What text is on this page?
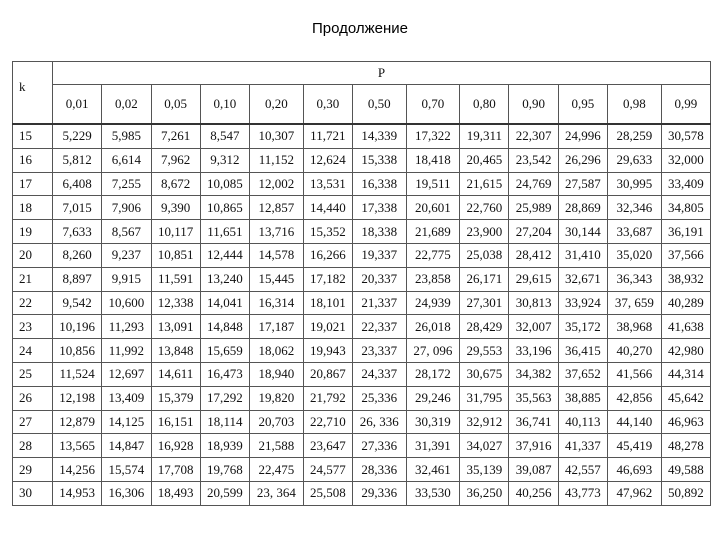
Продолжение
k	P												
	0,01	0,02	0,05	0,10	0,20	0,30	0,50	0,70	0,80	0,90	0,95	0,98	0,99
15	5,229	5,985	7,261	8,547	10,307	11,721	14,339	17,322	19,311	22,307	24,996	28,259	30,578
16	5,812	6,614	7,962	9,312	11,152	12,624	15,338	18,418	20,465	23,542	26,296	29,633	32,000
17	6,408	7,255	8,672	10,085	12,002	13,531	16,338	19,511	21,615	24,769	27,587	30,995	33,409
18	7,015	7,906	9,390	10,865	12,857	14,440	17,338	20,601	22,760	25,989	28,869	32,346	34,805
19	7,633	8,567	10,117	11,651	13,716	15,352	18,338	21,689	23,900	27,204	30,144	33,687	36,191
20	8,260	9,237	10,851	12,444	14,578	16,266	19,337	22,775	25,038	28,412	31,410	35,020	37,566
21	8,897	9,915	11,591	13,240	15,445	17,182	20,337	23,858	26,171	29,615	32,671	36,343	38,932
22	9,542	10,600	12,338	14,041	16,314	18,101	21,337	24,939	27,301	30,813	33,924	37, 659	40,289
23	10,196	11,293	13,091	14,848	17,187	19,021	22,337	26,018	28,429	32,007	35,172	38,968	41,638
24	10,856	11,992	13,848	15,659	18,062	19,943	23,337	27, 096	29,553	33,196	36,415	40,270	42,980
25	11,524	12,697	14,611	16,473	18,940	20,867	24,337	28,172	30,675	34,382	37,652	41,566	44,314
26	12,198	13,409	15,379	17,292	19,820	21,792	25,336	29,246	31,795	35,563	38,885	42,856	45,642
27	12,879	14,125	16,151	18,114	20,703	22,710	26, 336	30,319	32,912	36,741	40,113	44,140	46,963
28	13,565	14,847	16,928	18,939	21,588	23,647	27,336	31,391	34,027	37,916	41,337	45,419	48,278
29	14,256	15,574	17,708	19,768	22,475	24,577	28,336	32,461	35,139	39,087	42,557	46,693	49,588
30	14,953	16,306	18,493	20,599	23, 364	25,508	29,336	33,530	36,250	40,256	43,773	47,962	50,892
